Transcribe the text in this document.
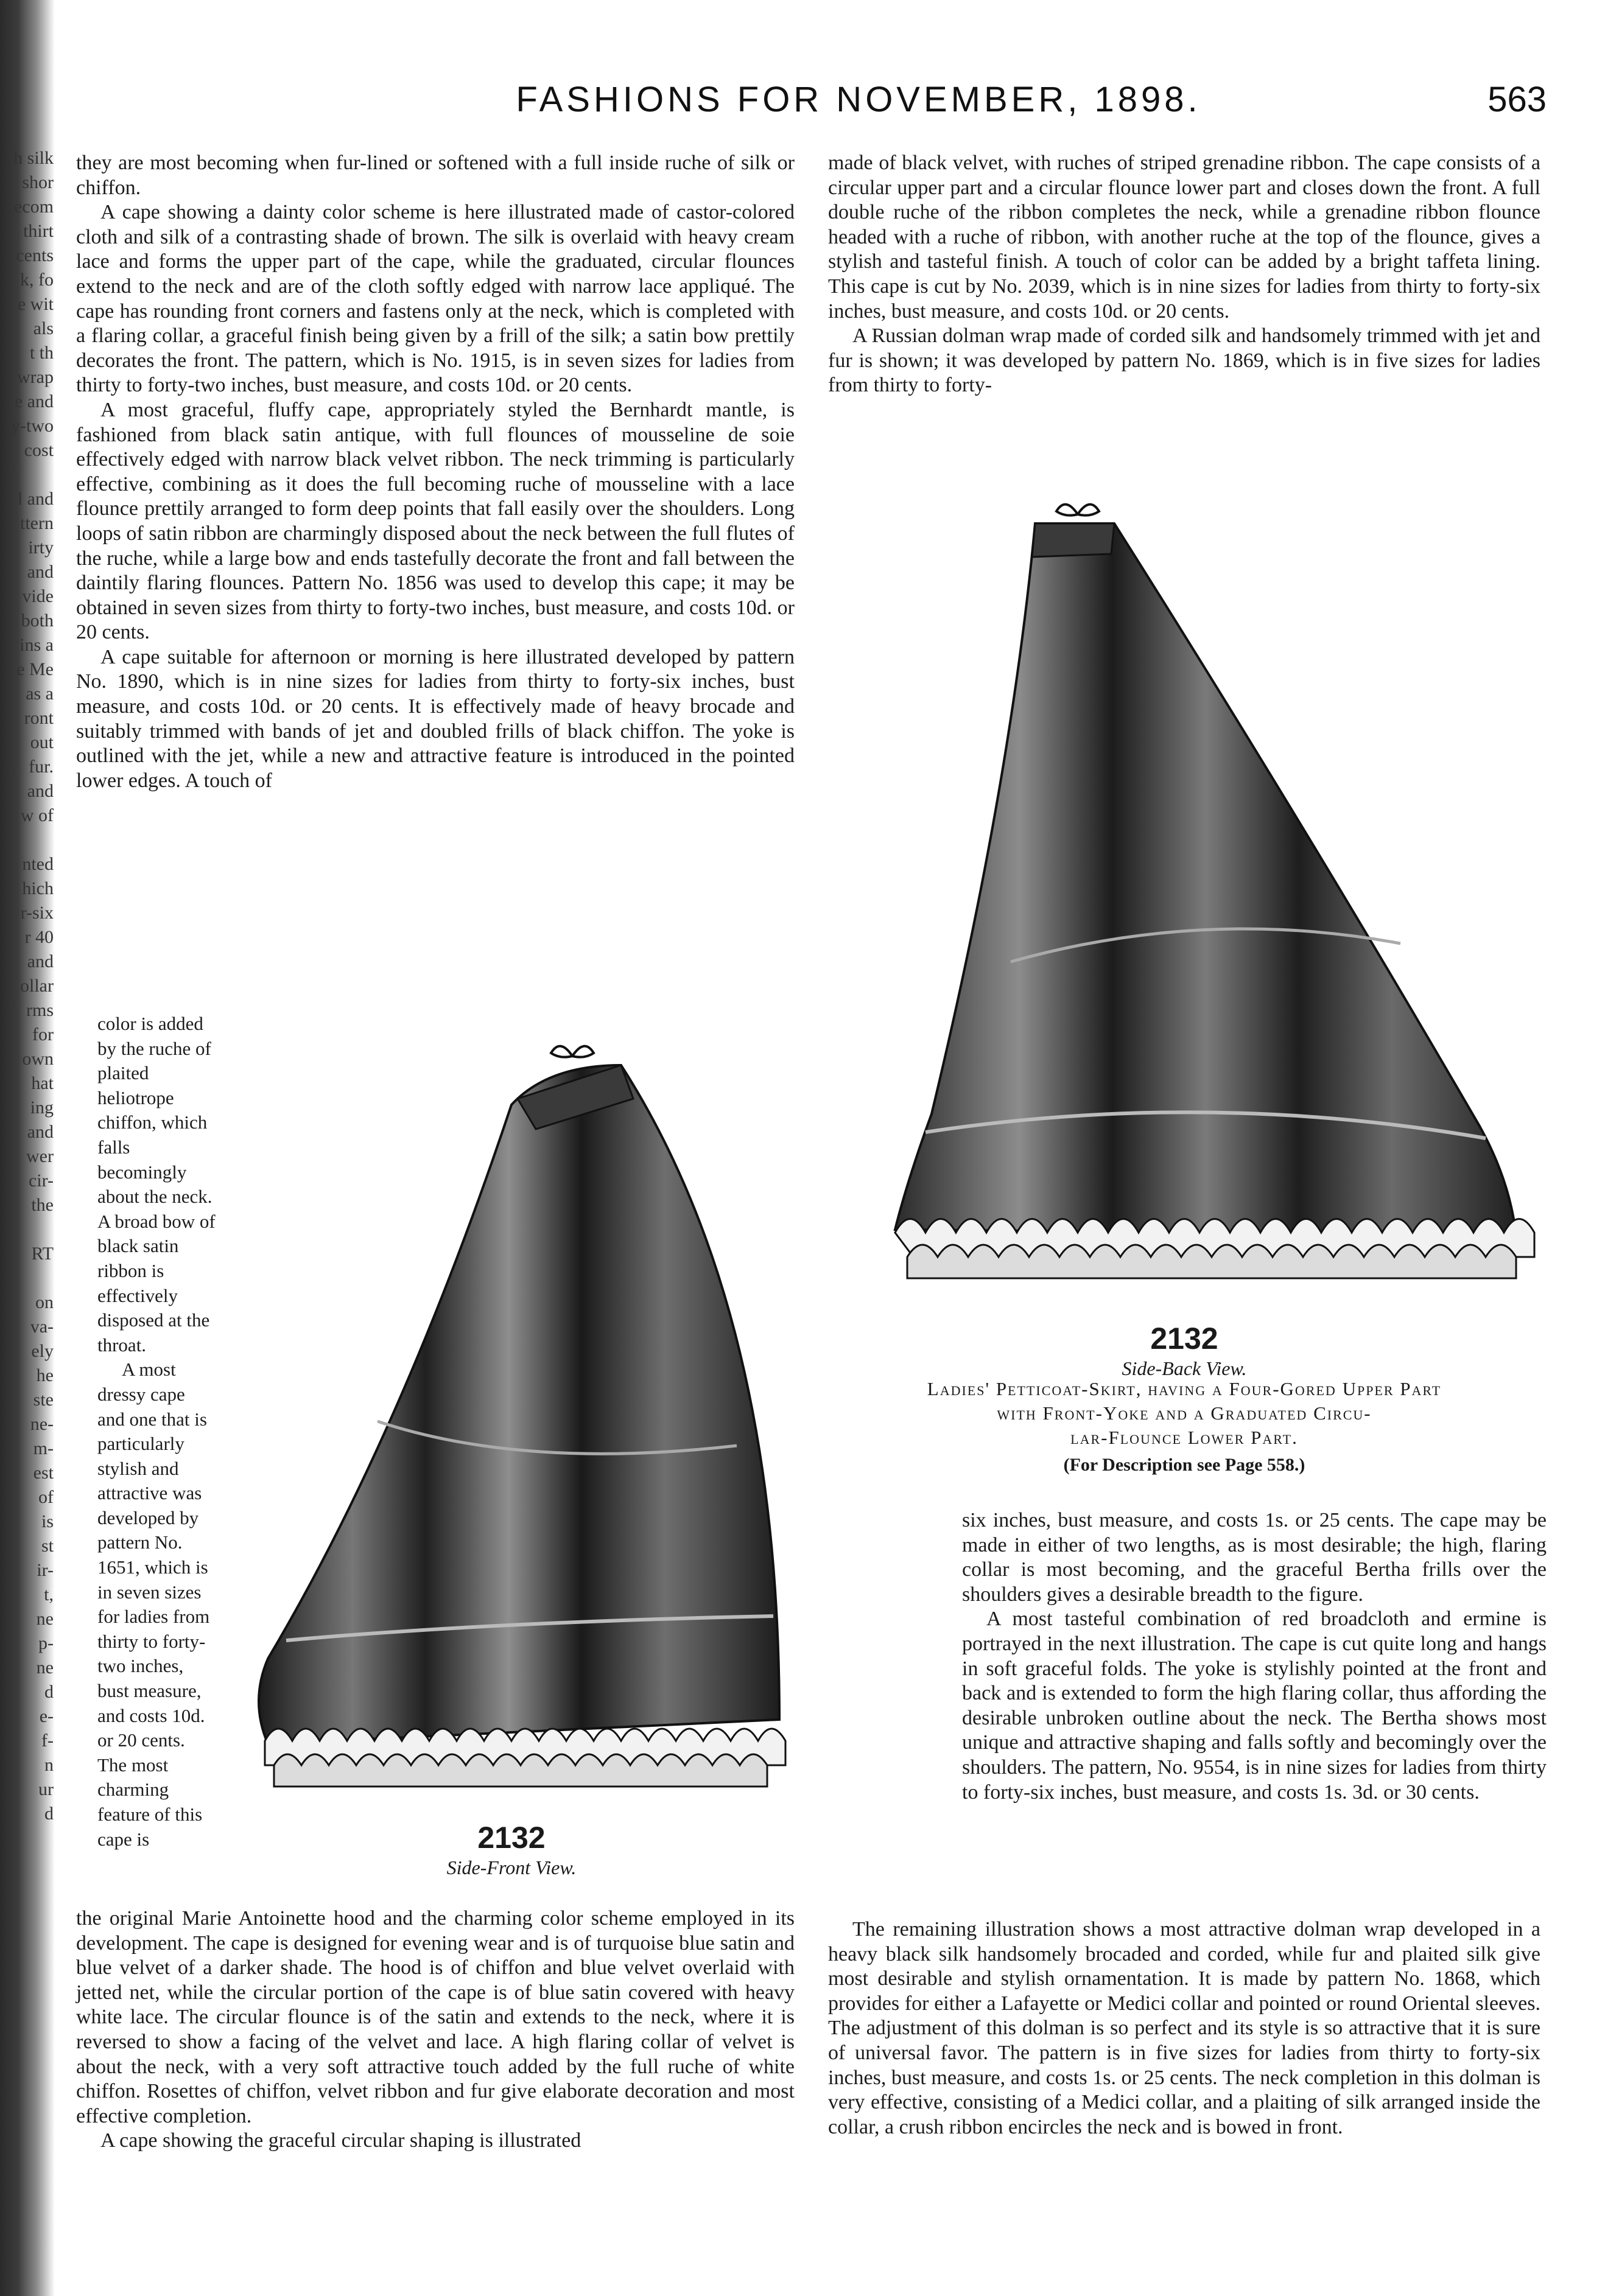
h silk
shor
ecom
thirt
cents
k, fo
e wit
als
t th
wrap
e and
y-two
cost

l and
ttern
irty
and
vide
both
ins a
e Me
as a
ront
out
fur.
and
w of

nted
hich
r-six
r 40
and
ollar
rms
for
own
hat
ing
and
wer
cir-
the

RT

on
va-
ely
he
ste
ne-
m-
est
of
is
st
ir-
t,
ne
p-
ne
d
e-
f-
n
ur
d
FASHIONS FOR NOVEMBER, 1898.	563

they are most becoming when fur-lined or softened with a full inside ruche of silk or chiffon.

A cape showing a dainty color scheme is here illustrated made of castor-colored cloth and silk of a contrasting shade of brown. The silk is overlaid with heavy cream lace and forms the upper part of the cape, while the graduated, circular flounces extend to the neck and are of the cloth softly edged with narrow lace appliqué. The cape has rounding front corners and fastens only at the neck, which is completed with a flaring collar, a graceful finish being given by a frill of the silk; a satin bow prettily decorates the front. The pattern, which is No. 1915, is in seven sizes for ladies from thirty to forty-two inches, bust measure, and costs 10d. or 20 cents.

A most graceful, fluffy cape, appropriately styled the Bernhardt mantle, is fashioned from black satin antique, with full flounces of mousseline de soie effectively edged with narrow black velvet ribbon. The neck trimming is particularly effective, combining as it does the full becoming ruche of mousseline with a lace flounce prettily arranged to form deep points that fall easily over the shoulders. Long loops of satin ribbon are charmingly disposed about the neck between the full flutes of the ruche, while a large bow and ends tastefully decorate the front and fall between the daintily flaring flounces. Pattern No. 1856 was used to develop this cape; it may be obtained in seven sizes from thirty to forty-two inches, bust measure, and costs 10d. or 20 cents.

A cape suitable for afternoon or morning is here illustrated developed by pattern No. 1890, which is in nine sizes for ladies from thirty to forty-six inches, bust measure, and costs 10d. or 20 cents. It is effectively made of heavy brocade and suitably trimmed with bands of jet and doubled frills of black chiffon. The yoke is outlined with the jet, while a new and attractive feature is introduced in the pointed lower edges. A touch of

color is added by the ruche of plaited heliotrope chiffon, which falls becomingly about the neck. A broad bow of black satin ribbon is effectively disposed at the throat.

A most dressy cape and one that is particularly stylish and attractive was developed by pattern No. 1651, which is in seven sizes for ladies from thirty to forty-two inches, bust measure, and costs 10d. or 20 cents. The most charming feature of this cape is

the original Marie Antoinette hood and the charming color scheme employed in its development. The cape is designed for evening wear and is of turquoise blue satin and blue velvet of a darker shade. The hood is of chiffon and blue velvet overlaid with jetted net, while the circular portion of the cape is of blue satin covered with heavy white lace. The circular flounce is of the satin and extends to the neck, where it is reversed to show a facing of the velvet and lace. A high flaring collar of velvet is about the neck, with a very soft attractive touch added by the full ruche of white chiffon. Rosettes of chiffon, velvet ribbon and fur give elaborate decoration and most effective completion.

A cape showing the graceful circular shaping is illustrated

made of black velvet, with ruches of striped grenadine ribbon. The cape consists of a circular upper part and a circular flounce lower part and closes down the front. A full double ruche of the ribbon completes the neck, while a grenadine ribbon flounce headed with a ruche of ribbon, with another ruche at the top of the flounce, gives a stylish and tasteful finish. A touch of color can be added by a bright taffeta lining. This cape is cut by No. 2039, which is in nine sizes for ladies from thirty to forty-six inches, bust measure, and costs 10d. or 20 cents.

A Russian dolman wrap made of corded silk and handsomely trimmed with jet and fur is shown; it was developed by pattern No. 1869, which is in five sizes for ladies from thirty to forty-

six inches, bust measure, and costs 1s. or 25 cents. The cape may be made in either of two lengths, as is most desirable; the high, flaring collar is most becoming, and the graceful Bertha frills over the shoulders gives a desirable breadth to the figure.

A most tasteful combination of red broadcloth and ermine is portrayed in the next illustration. The cape is cut quite long and hangs in soft graceful folds. The yoke is stylishly pointed at the front and back and is extended to form the high flaring collar, thus affording the desirable unbroken outline about the neck. The Bertha shows most unique and attractive shaping and falls softly and becomingly over the shoulders. The pattern, No. 9554, is in nine sizes for ladies from thirty to forty-six inches, bust measure, and costs 1s. 3d. or 30 cents.

The remaining illustration shows a most attractive dolman wrap developed in a heavy black silk handsomely brocaded and corded, while fur and plaited silk give most desirable and stylish ornamentation. It is made by pattern No. 1868, which provides for either a Lafayette or Medici collar and pointed or round Oriental sleeves. The adjustment of this dolman is so perfect and its style is so attractive that it is sure of universal favor. The pattern is in five sizes for ladies from thirty to forty-six inches, bust measure, and costs 1s. or 25 cents. The neck completion in this dolman is very effective, consisting of a Medici collar, and a plaiting of silk arranged inside the collar, a crush ribbon encircles the neck and is bowed in front.

2132
Side-Back View.
Ladies' Petticoat-Skirt, having a Four-Gored Upper Part
with Front-Yoke and a Graduated Circu-
lar-Flounce Lower Part.
(For Description see Page 558.)
2132
Side-Front View.
